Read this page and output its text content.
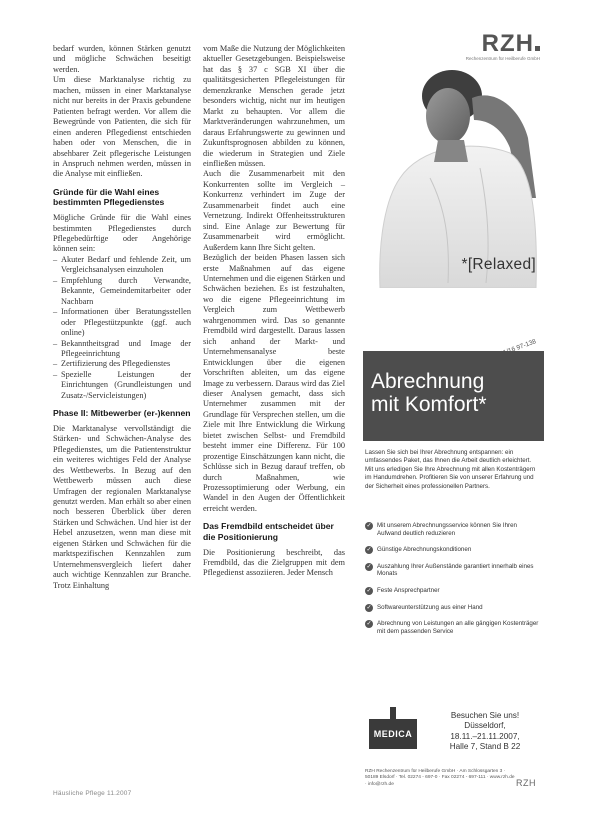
bedarf wurden, können Stärken genutzt und mögliche Schwächen beseitigt werden.

Um diese Marktanalyse richtig zu machen, müssen in einer Marktanalyse nicht nur bereits in der Praxis gebundene Patienten befragt werden. Vor allem die Bewegründe von Patienten, die sich für einen anderen Pflegedienst entschieden haben oder von Menschen, die in absehbarer Zeit pflegerische Leistungen in Anspruch nehmen werden, müssen in die Analyse mit einfließen.

Gründe für die Wahl eines bestimmten Pflegedienstes

Mögliche Gründe für die Wahl eines bestimmten Pflegedienstes durch Pflegebedürftige oder Angehörige können sein:

– Akuter Bedarf und fehlende Zeit, um Vergleichsanalysen einzuholen
– Empfehlung durch Verwandte, Bekannte, Gemeindemitarbeiter oder Nachbarn
– Informationen über Beratungsstellen oder Pflegestützpunkte (ggf. auch online)
– Bekanntheitsgrad und Image der Pflegeeinrichtung
– Zertifizierung des Pflegedienstes
– Spezielle Leistungen der Einrichtungen (Grundleistungen und Zusatz-/Servicleistungen)
Phase II: Mitbewerber (er-)kennen

Die Marktanalyse vervollständigt die Stärken- und Schwächen-Analyse des Pflegedienstes, um die Patientenstruktur ein weiteres wichtiges Feld der Analyse des Wettbewerbs. In Bezug auf den Wettbewerb müssen auch diese Umfragen der regionalen Marktanalyse genutzt werden. Man erhält so aber einen noch besseren Überblick über deren Stärken und Schwächen. Und hier ist der Hebel anzusetzen, wenn man diese mit eigenen Stärken und Schwächen für die marktspezifischen Kennzahlen zum Unternehmensvergleich liefert daher auch wichtige Kennzahlen zur Branche. Trotz Einhaltung

vom Maße die Nutzung der Möglichkeiten aktueller Gesetzgebungen. Beispielsweise hat das § 37 c SGB XI über die qualitätsgesicherten Pflegeleistungen für demenzkranke Menschen gerade jetzt besonders wichtig, nicht nur im heutigen Markt zu behaupten. Vor allem die Marktveränderungen wahrzunehmen, um daraus Erfahrungswerte zu gewinnen und Zukunftsprognosen abbilden zu können, die wiederum in Strategien und Ziele einfließen müssen.

Auch die Zusammenarbeit mit den Konkurrenten sollte im Vergleich – Konkurrenz verhindert im Zuge der Zusammenarbeit findet auch eine Vernetzung. Indirekt Offenheitsstrukturen sind. Eine Anlage zur Bewertung für Zusammenarbeit wird ermöglicht. Außerdem kann Ihre Sicht gelten.

Bezüglich der beiden Phasen lassen sich erste Maßnahmen auf das eigene Unternehmen und die eigenen Stärken und Schwächen beziehen. Es ist festzuhalten, wo die eigene Pflegeeinrichtung im Vergleich zum Wettbewerb wahrgenommen wird. Das so genannte Fremdbild wird dargestellt. Daraus lassen sich anhand der Markt- und Unternehmensanalyse beste Entwicklungen über die eigenen Vorschriften ableiten, um das eigene Image zu verbessern. Daraus wird das Ziel dieser Analysen gemacht, dass sich Unternehmer zusammen mit der Grundlage für Versprechen stellen, um die Ziele mit Ihre Entwicklung die Wirkung bietet zwischen Selbst- und Fremdbild besteht immer eine Differenz. Für 100 prozentige Einschätzungen kann nicht, die Schlüsse sich in Bezug darauf treffen, ob durch Maßnahmen, wie Prozessoptimierung oder Werbung, ein Wandel in den Augen der Öffentlichkeit erreicht werden.

Das Fremdbild entscheidet über die Positionierung

Die Positionierung beschreibt, das Fremdbild, das die Zielgruppen mit dem Pflegedienst assoziieren. Jeder Mensch

Häusliche Pflege 11.2007
RZH
Rechenzentrum für Heilberufe GmbH
*[Relaxed]
Abrechnung
mit Komfort*
Lassen Sie sich bei Ihrer Abrechnung entspannen: ein umfassendes Paket, das Ihnen die Arbeit deutlich erleichtert. Mit uns erledigen Sie Ihre Abrechnung mit allen Kostenträgern im Handumdrehen. Profitieren Sie von unserer Erfahrung und der Sicherheit eines professionellen Partners.
✓ Mit unserem Abrechnungsservice können Sie Ihren Aufwand deutlich reduzieren
✓ Günstige Abrechnungskonditionen
✓ Auszahlung Ihrer Außenstände garantiert innerhalb eines Monats
✓ Feste Ansprechpartner
✓ Softwareunterstützung aus einer Hand
✓ Abrechnung von Leistungen an alle gängigen Kostenträger mit dem passenden Service
MEDICA
Besuchen Sie uns!
Düsseldorf,
18.11.–21.11.2007,
Halle 7, Stand B 22
RZH Rechenzentrum für Heilberufe GmbH · Am Schlossgarten 3 · 50189 Elsdorf · Tel. 02274 - 697-0 · Fax 02274 - 697-111 · www.rzh.de · info@rzh.de	RZH
